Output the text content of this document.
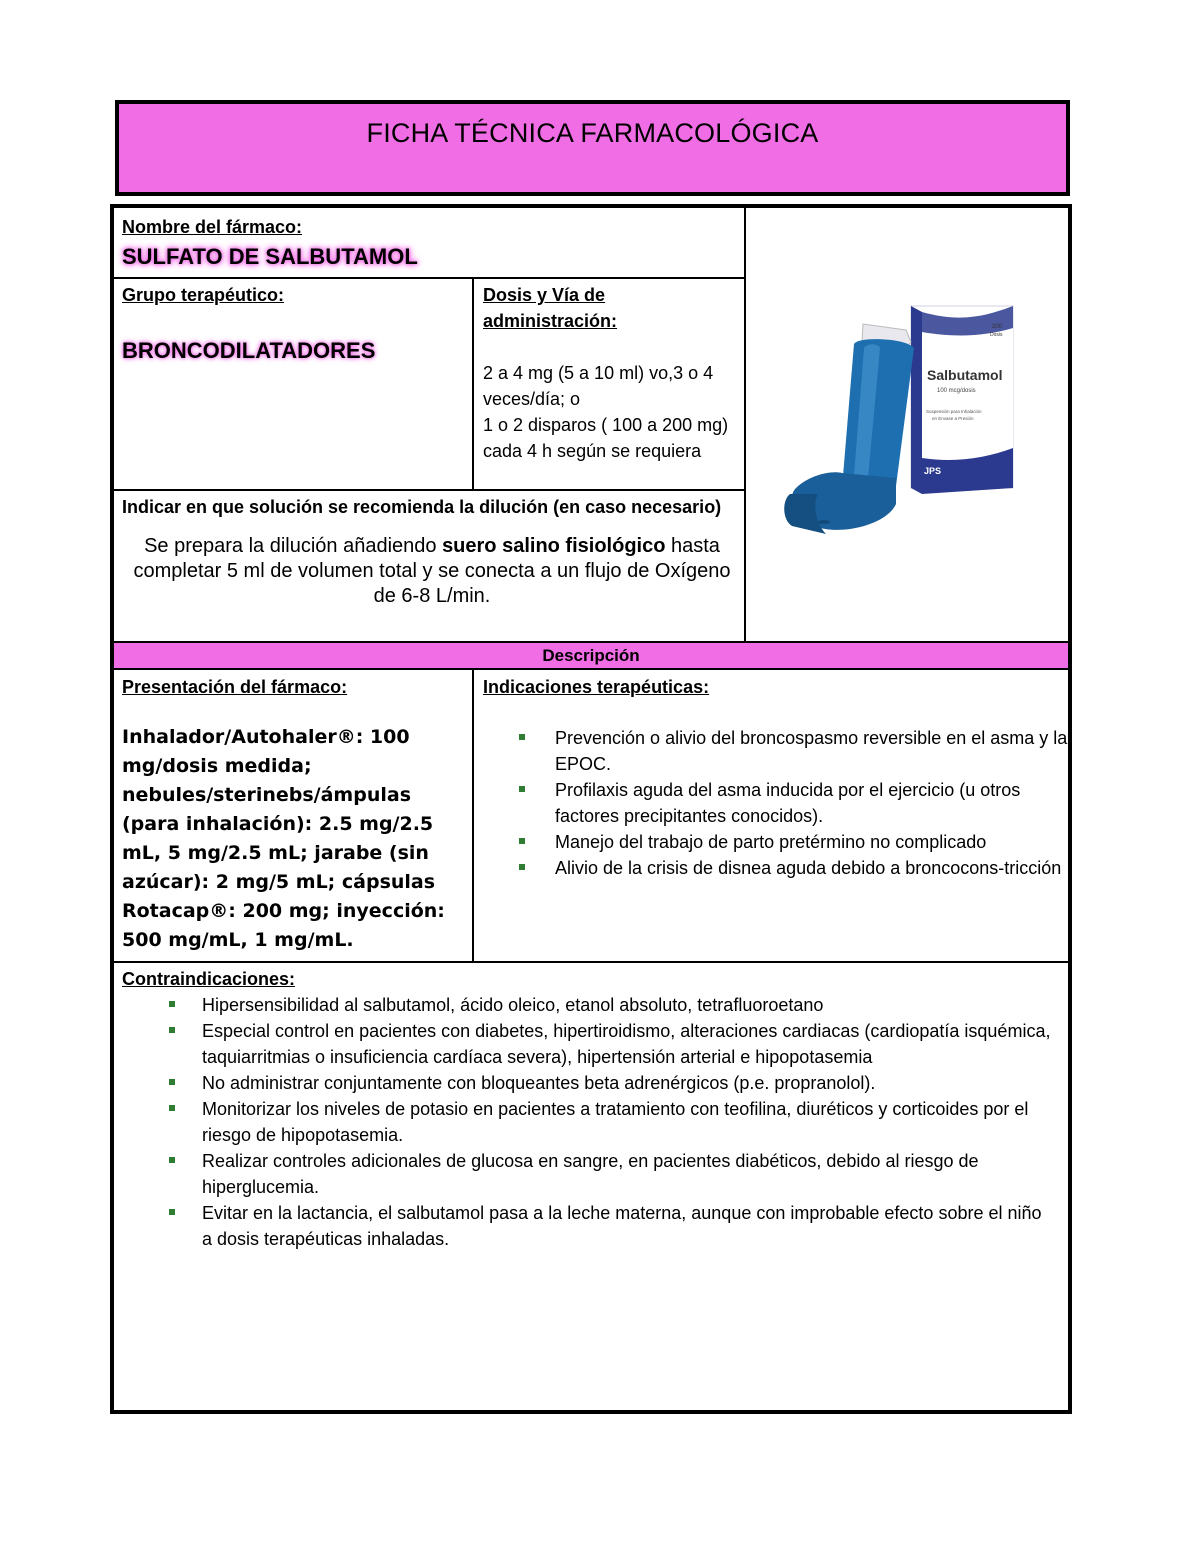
FICHA TÉCNICA FARMACOLÓGICA
Descripción
Nombre del fármaco:
SULFATO DE SALBUTAMOL
Grupo terapéutico:
BRONCODILATADORES
Dosis y Vía de administración:
2 a 4 mg (5 a 10 ml) vo,3 o 4 veces/día; o
1 o 2 disparos ( 100 a 200 mg) cada 4 h según se requiera
Indicar en que solución se recomienda la dilución (en caso necesario)
Se prepara la dilución añadiendo suero salino fisiológico hasta completar 5 ml de volumen total y se conecta a un flujo de Oxígeno de 6-8 L/min.
200
Dosis
Salbutamol
100 mcg/dosis
Suspensión para Inhalación
en Envase a Presión
JPS
Presentación del fármaco:
Inhalador/Autohaler®: 100 mg/dosis medida; nebules/sterinebs/ámpulas (para inhalación): 2.5 mg/2.5 mL, 5 mg/2.5 mL; jarabe (sin azúcar): 2 mg/5 mL; cápsulas Rotacap®: 200 mg; inyección: 500 mg/mL, 1 mg/mL.
Indicaciones terapéuticas:
Prevención o alivio del broncospasmo reversible en el asma y la EPOC.
Profilaxis aguda del asma inducida por el ejercicio (u otros factores precipitantes conocidos).
Manejo del trabajo de parto pretérmino no complicado
Alivio de la crisis de disnea aguda debido a broncocons-tricción
Contraindicaciones:
Hipersensibilidad al salbutamol, ácido oleico, etanol absoluto, tetrafluoroetano
Especial control en pacientes con diabetes, hipertiroidismo, alteraciones cardiacas (cardiopatía isquémica, taquiarritmias o insuficiencia cardíaca severa), hipertensión arterial e hipopotasemia
No administrar conjuntamente con bloqueantes beta adrenérgicos (p.e. propranolol).
Monitorizar los niveles de potasio en pacientes a tratamiento con teofilina, diuréticos y corticoides por el riesgo de hipopotasemia.
Realizar controles adicionales de glucosa en sangre, en pacientes diabéticos, debido al riesgo de hiperglucemia.
Evitar en la lactancia, el salbutamol pasa a la leche materna, aunque con improbable efecto sobre el niño a dosis terapéuticas inhaladas.
